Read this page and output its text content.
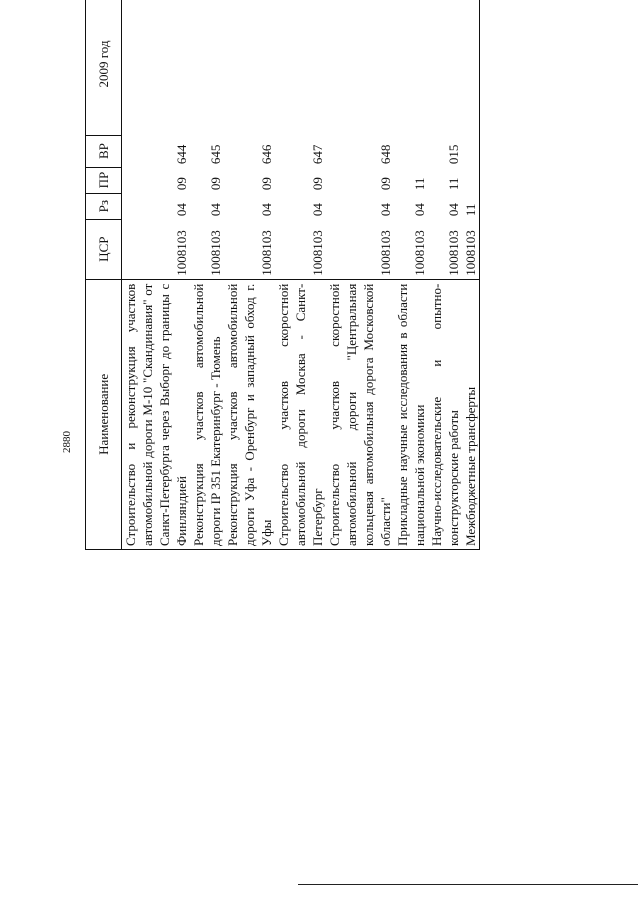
2880 Наименование	ЦСР	Рз	ПР	ВР	2009 год		
Строительство и реконструкция участков автомобильной дороги М-10 "Скандинавия" от Санкт-Петербурга через Выборг до границы с Финляндией	1008103	04	09	644			
Реконструкция участков автомобильной дороги IР 351 Екатеринбург - Тюмень	1008103	04	09	645			
Реконструкция участков автомобильной дороги Уфа - Оренбург и западный обход г. Уфы	1008103	04	09	646			
Строительство участков скоростной автомобильной дороги Москва - Санкт-Петербург	1008103	04	09	647			
Строительство участков скоростной автомобильной дороги "Центральная кольцевая автомобильная дорога Московской области"	1008103	04	09	648			
Прикладные научные исследования в области национальной экономики	1008103	04	11				
Научно-исследовательские и опытно-конструкторские работы	1008103	04	11	015			
Межбюджетные трансферты	1008103	11					
